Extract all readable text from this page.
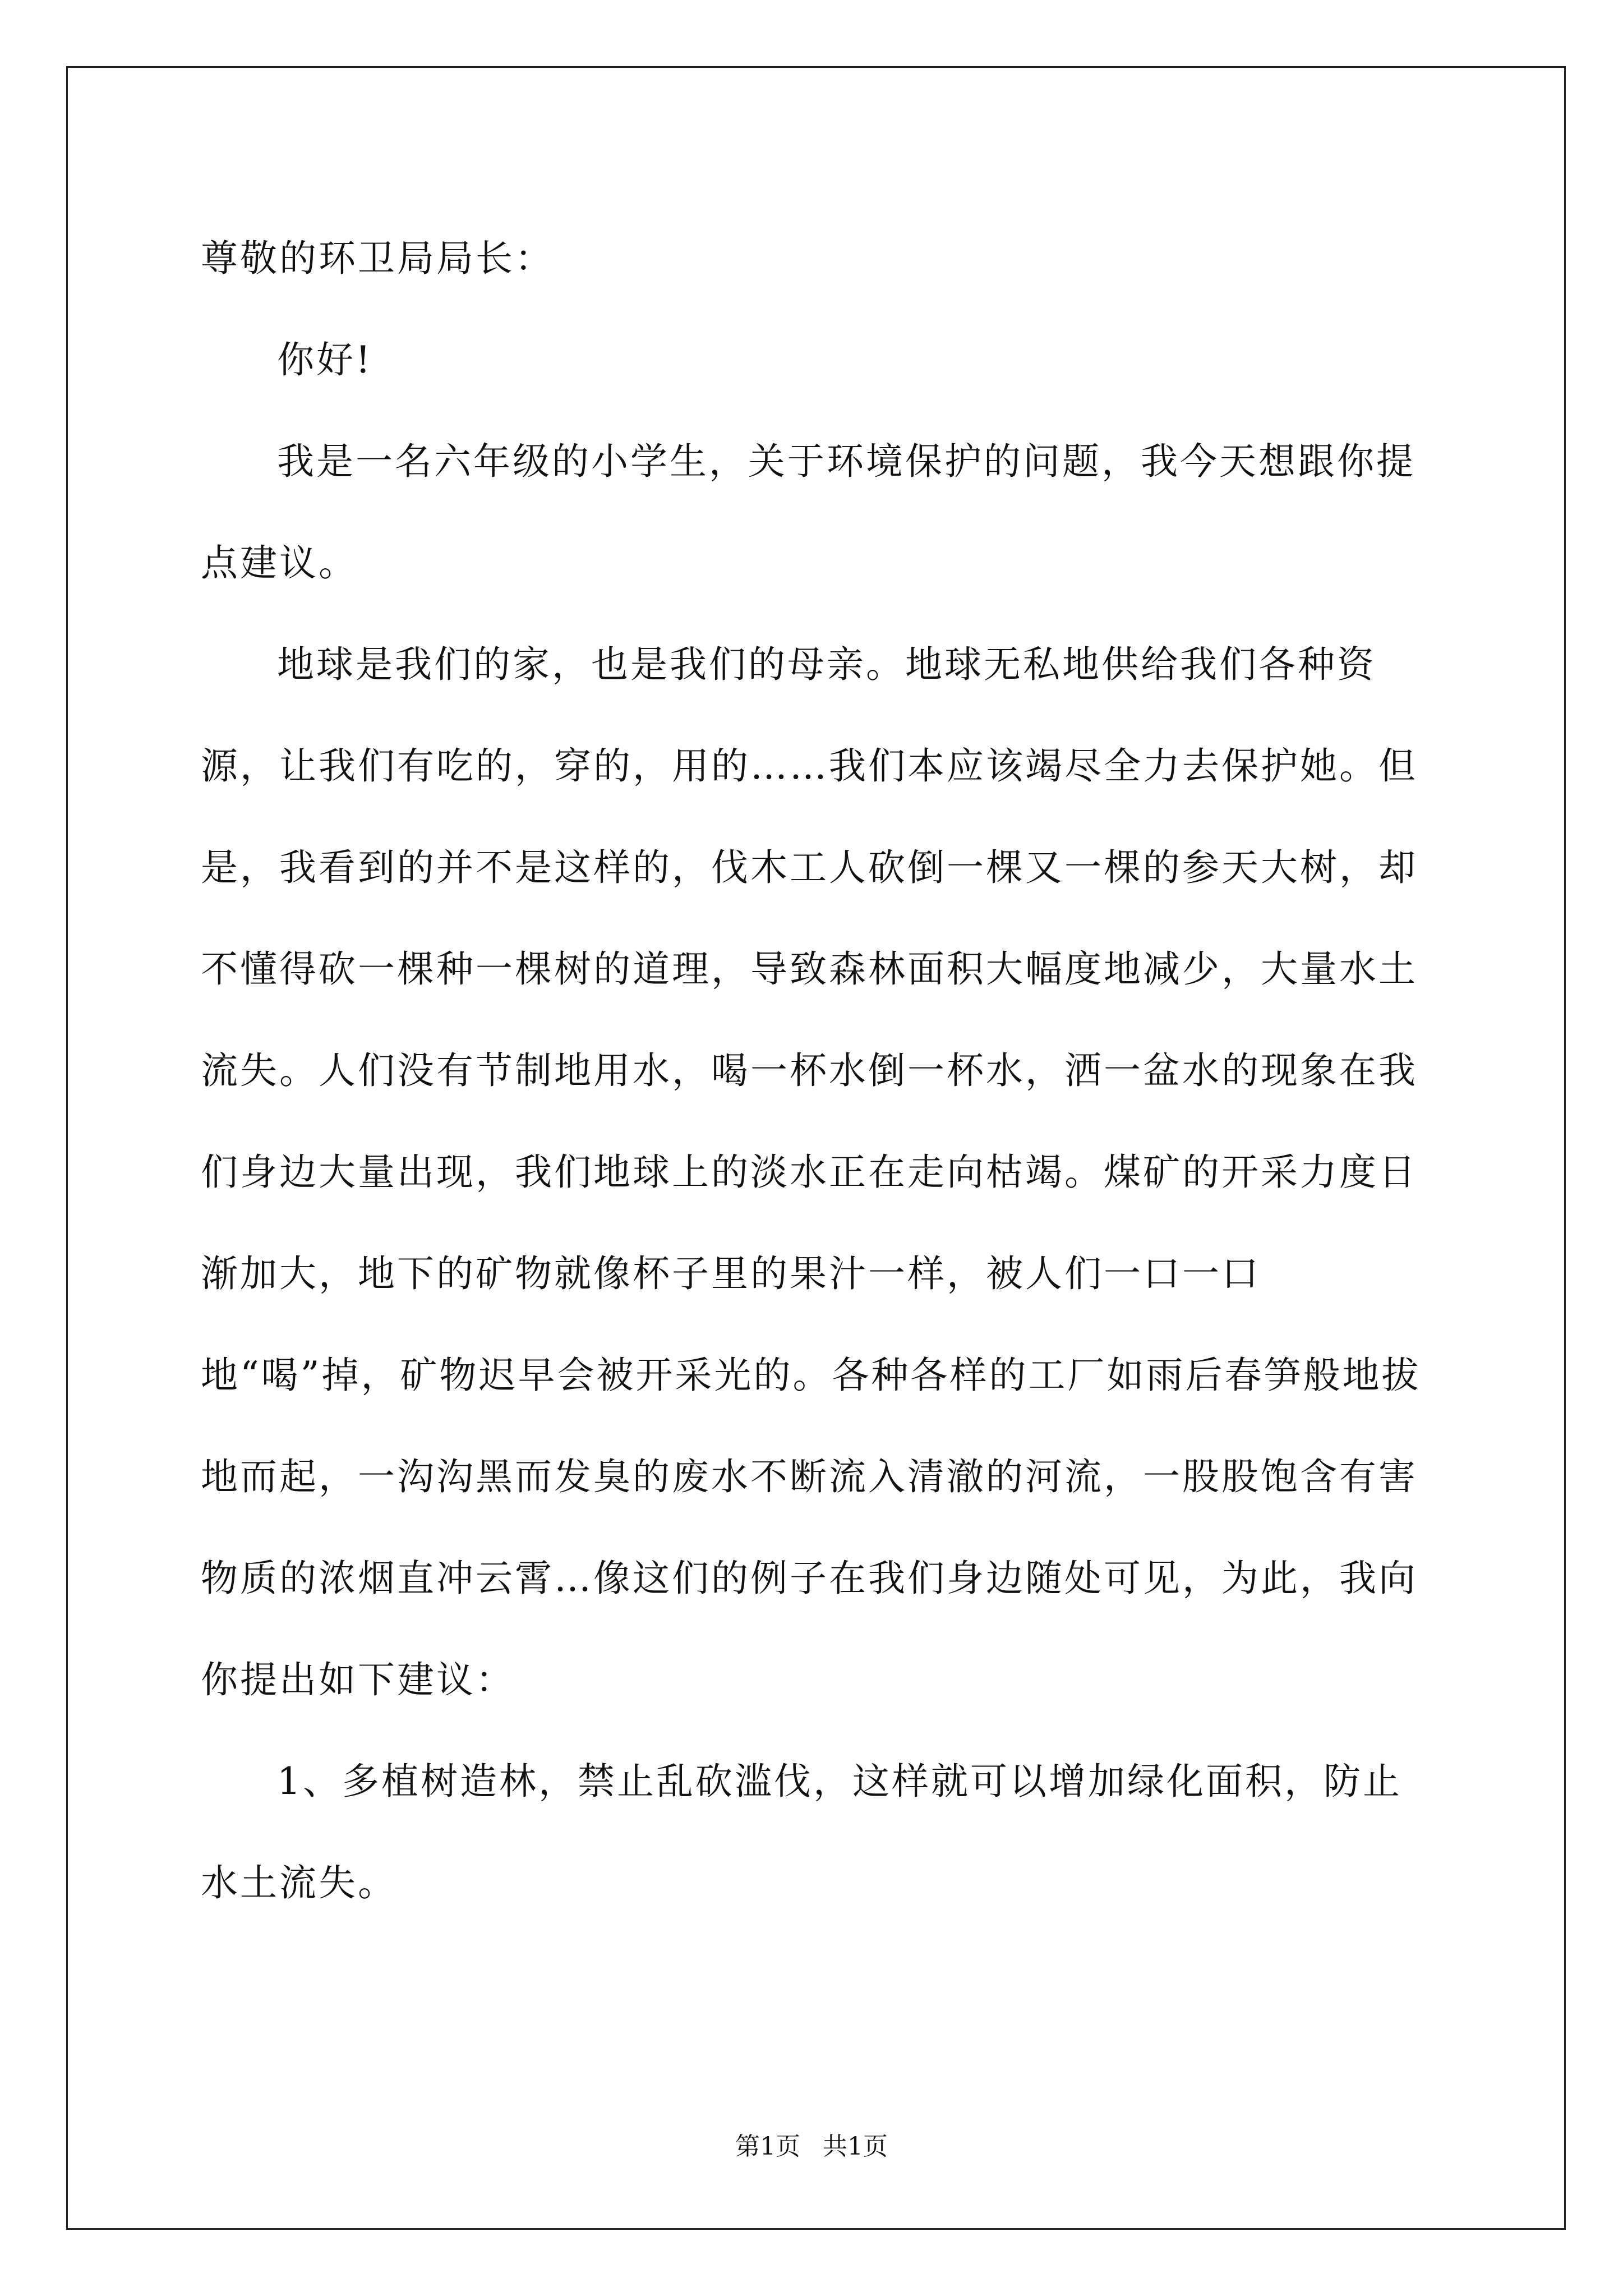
尊敬的环卫局局长：

你好!

我是一名六年级的小学生，关于环境保护的问题，我今天想跟你提点建议。

地球是我们的家，也是我们的母亲。地球无私地供给我们各种资源，让我们有吃的，穿的，用的……我们本应该竭尽全力去保护她。但是，我看到的并不是这样的，伐木工人砍倒一棵又一棵的参天大树，却不懂得砍一棵种一棵树的道理，导致森林面积大幅度地减少，大量水土流失。人们没有节制地用水，喝一杯水倒一杯水，洒一盆水的现象在我们身边大量出现，我们地球上的淡水正在走向枯竭。煤矿的开采力度日渐加大，地下的矿物就像杯子里的果汁一样，被人们一口一口地“喝”掉，矿物迟早会被开采光的。各种各样的工厂如雨后春笋般地拔地而起，一沟沟黑而发臭的废水不断流入清澈的河流，一股股饱含有害物质的浓烟直冲云霄…像这们的例子在我们身边随处可见，为此，我向你提出如下建议：

1、多植树造林，禁止乱砍滥伐，这样就可以增加绿化面积，防止水土流失。

第1页 共1页
